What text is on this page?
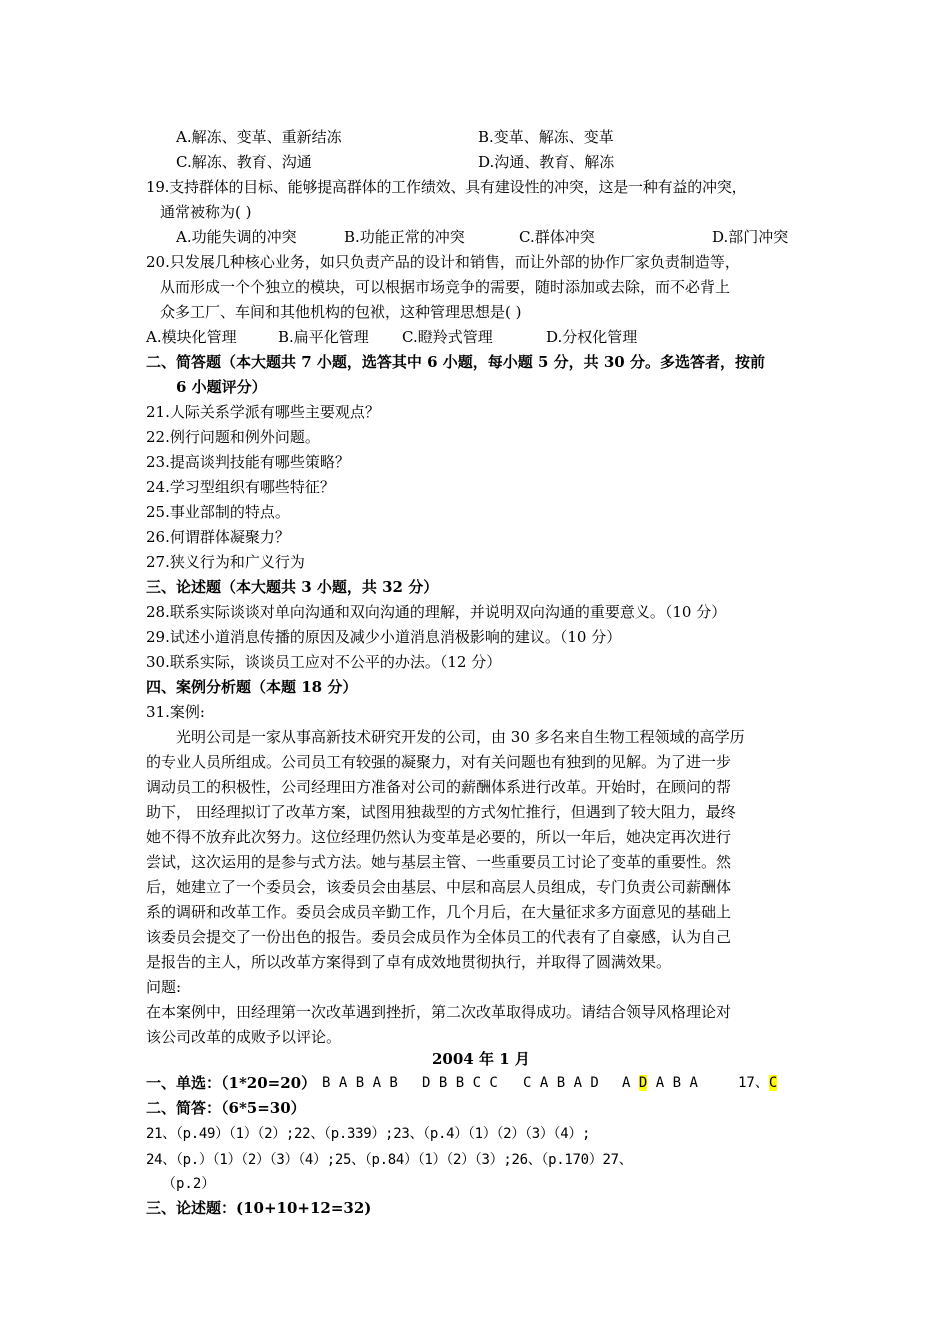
A.解冻、变革、重新结冻	B.变革、解冻、变革
C.解冻、教育、沟通	D.沟通、教育、解冻
19.支持群体的目标、能够提高群体的工作绩效、具有建设性的冲突，这是一种有益的冲突，
通常被称为( )
A.功能失调的冲突	B.功能正常的冲突	C.群体冲突	D.部门冲突
20.只发展几种核心业务，如只负责产品的设计和销售，而让外部的协作厂家负责制造等，
从而形成一个个独立的模块，可以根据市场竞争的需要，随时添加或去除，而不必背上
众多工厂、车间和其他机构的包袱，这种管理思想是( )
A.模块化管理	B.扁平化管理 C.瞪羚式管理	D.分权化管理
二、简答题（本大题共 7 小题，选答其中 6 小题，每小题 5 分，共 30 分。多选答者，按前
6 小题评分）
21.人际关系学派有哪些主要观点？
22.例行问题和例外问题。
23.提高谈判技能有哪些策略？
24.学习型组织有哪些特征？
25.事业部制的特点。
26.何谓群体凝聚力？
27.狭义行为和广义行为
三、论述题（本大题共 3 小题，共 32 分）
28.联系实际谈谈对单向沟通和双向沟通的理解，并说明双向沟通的重要意义。（10 分）
29.试述小道消息传播的原因及减少小道消息消极影响的建议。（10 分）
30.联系实际，谈谈员工应对不公平的办法。（12 分）
四、案例分析题（本题 18 分）
31.案例:
光明公司是一家从事高新技术研究开发的公司，由 30 多名来自生物工程领域的高学历
的专业人员所组成。公司员工有较强的凝聚力，对有关问题也有独到的见解。为了进一步
调动员工的积极性，公司经理田方准备对公司的薪酬体系进行改革。开始时，在顾问的帮
助下， 田经理拟订了改革方案，试图用独裁型的方式匆忙推行，但遇到了较大阻力，最终
她不得不放弃此次努力。这位经理仍然认为变革是必要的，所以一年后，她决定再次进行
尝试，这次运用的是参与式方法。她与基层主管、一些重要员工讨论了变革的重要性。然
后，她建立了一个委员会，该委员会由基层、中层和高层人员组成，专门负责公司薪酬体
系的调研和改革工作。委员会成员辛勤工作，几个月后，在大量征求多方面意见的基础上
该委员会提交了一份出色的报告。委员会成员作为全体员工的代表有了自豪感，认为自己
是报告的主人，所以改革方案得到了卓有成效地贯彻执行，并取得了圆满效果。
问题:
在本案例中，田经理第一次改革遇到挫折，第二次改革取得成功。请结合领导风格理论对
该公司改革的成败予以评论。
2004 年 1 月
一、单选：（1*20=20） B A B A B D B B C C C A B A D A D A B A	17、C
二、简答：（6*5=30）
21、（p.49）（1）（2）;22、（p.339）;23、（p.4）（1）（2）（3）（4）;
24、（p.）（1）（2）（3）（4）;25、（p.84）（1）（2）（3）;26、（p.170）27、
（p.2）
三、论述题：(10+10+12=32)
